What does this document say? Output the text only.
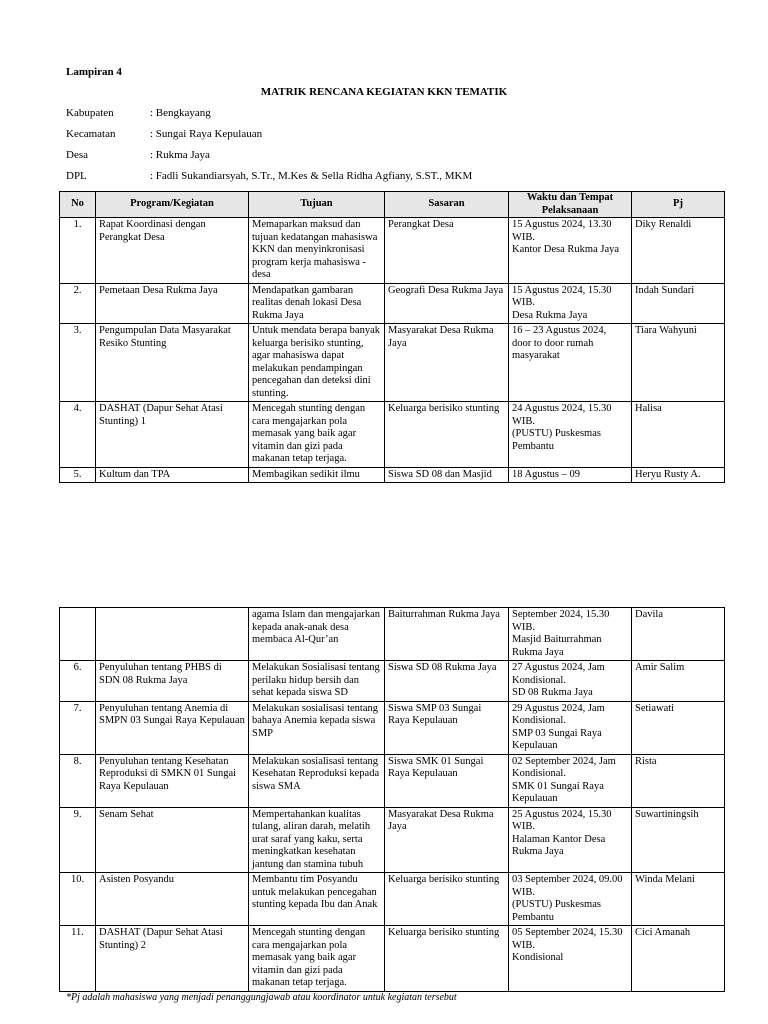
Lampiran 4
MATRIK RENCANA KEGIATAN KKN TEMATIK
Kabupaten	: Bengkayang
Kecamatan	: Sungai Raya Kepulauan
Desa	: Rukma Jaya
DPL	: Fadli Sukandiarsyah, S.Tr., M.Kes & Sella Ridha Agfiany, S.ST., MKM
No	Program/Kegiatan	Tujuan	Sasaran	Waktu dan Tempat Pelaksanaan	Pj
1.	Rapat Koordinasi dengan Perangkat Desa	Memaparkan maksud dan tujuan kedatangan mahasiswa KKN dan menyinkronisasi program kerja mahasiswa - desa	Perangkat Desa	15 Agustus 2024, 13.30 WIB.
Kantor Desa Rukma Jaya	Diky Renaldi
2.	Pemetaan Desa Rukma Jaya	Mendapatkan gambaran realitas denah lokasi Desa Rukma Jaya	Geografi Desa Rukma Jaya	15 Agustus 2024, 15.30 WIB.
Desa Rukma Jaya	Indah Sundari
3.	Pengumpulan Data Masyarakat Resiko Stunting	Untuk mendata berapa banyak keluarga berisiko stunting, agar mahasiswa dapat melakukan pendampingan pencegahan dan deteksi dini stunting.	Masyarakat Desa Rukma Jaya	16 – 23 Agustus 2024, door to door rumah masyarakat	Tiara Wahyuni
4.	DASHAT (Dapur Sehat Atasi Stunting) 1	Mencegah stunting dengan cara mengajarkan pola memasak yang baik agar vitamin dan gizi pada makanan tetap terjaga.	Keluarga berisiko stunting	24 Agustus 2024, 15.30 WIB.
(PUSTU) Puskesmas Pembantu	Halisa
5.	Kultum dan TPA	Membagikan sedikit ilmu	Siswa SD 08 dan Masjid	18 Agustus – 09	Heryu Rusty A.
		agama Islam dan mengajarkan kepada anak-anak desa membaca Al-Qur’an	Baiturrahman Rukma Jaya	September 2024, 15.30 WIB.
Masjid Baiturrahman Rukma Jaya	Davila
6.	Penyuluhan tentang PHBS di SDN 08 Rukma Jaya	Melakukan Sosialisasi tentang perilaku hidup bersih dan sehat kepada siswa SD	Siswa SD 08 Rukma Jaya	27 Agustus 2024, Jam Kondisional.
SD 08 Rukma Jaya	Amir Salim
7.	Penyuluhan tentang Anemia di SMPN 03 Sungai Raya Kepulauan	Melakukan sosialisasi tentang bahaya Anemia kepada siswa SMP	Siswa SMP 03 Sungai Raya Kepulauan	29 Agustus 2024, Jam Kondisional.
SMP 03 Sungai Raya Kepulauan	Setiawati
8.	Penyuluhan tentang Kesehatan Reproduksi di SMKN 01 Sungai Raya Kepulauan	Melakukan sosialisasi tentang Kesehatan Reproduksi kepada siswa SMA	Siswa SMK 01 Sungai Raya Kepulauan	02 September 2024, Jam Kondisional.
SMK 01 Sungai Raya Kepulauan	Rista
9.	Senam Sehat	Mempertahankan kualitas tulang, aliran darah, melatih urat saraf yang kaku, serta meningkatkan kesehatan jantung dan stamina tubuh	Masyarakat Desa Rukma Jaya	25 Agustus 2024, 15.30 WIB.
Halaman Kantor Desa Rukma Jaya	Suwartiningsih
10.	Asisten Posyandu	Membantu tim Posyandu untuk melakukan pencegahan stunting kepada Ibu dan Anak	Keluarga berisiko stunting	03 September 2024, 09.00 WIB.
(PUSTU) Puskesmas Pembantu	Winda Melani
11.	DASHAT (Dapur Sehat Atasi Stunting) 2	Mencegah stunting dengan cara mengajarkan pola memasak yang baik agar vitamin dan gizi pada makanan tetap terjaga.	Keluarga berisiko stunting	05 September 2024, 15.30 WIB.
Kondisional	Cici Amanah
*Pj adalah mahasiswa yang menjadi penanggungjawab atau koordinator untuk kegiatan tersebut
